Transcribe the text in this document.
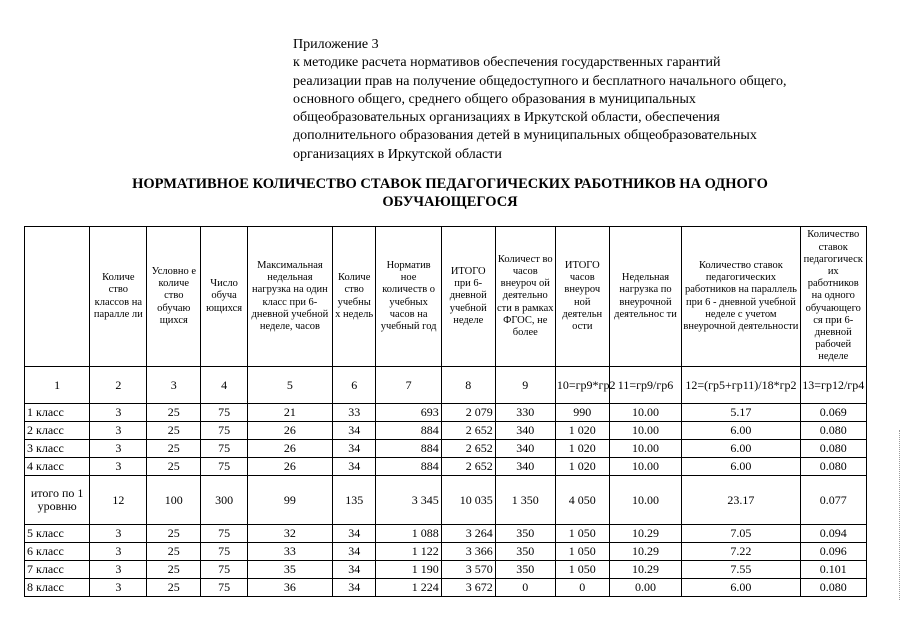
Приложение 3
к методике расчета нормативов обеспечения государственных гарантий
реализации прав на получение общедоступного и бесплатного начального общего,
основного общего, среднего общего образования в муниципальных
общеобразовательных организациях в Иркутской области, обеспечения
дополнительного образования детей в муниципальных общеобразовательных
организациях в Иркутской области
НОРМАТИВНОЕ КОЛИЧЕСТВО СТАВОК ПЕДАГОГИЧЕСКИХ РАБОТНИКОВ НА ОДНОГО
ОБУЧАЮЩЕГОСЯ
	Количе ство классов на паралле ли	Условно е количе ство обучаю щихся	Число обуча ющихся	Максимальная недельная нагрузка на один класс при 6-дневной учебной неделе, часов	Количе ство учебны х недель	Норматив ное количеств о учебных часов на учебный год	ИТОГО при 6-дневной учебной неделе	Количест во часов внеуроч ой деятельно сти в рамках ФГОС, не более	ИТОГО часов внеуроч ной деятельн ости	Недельная нагрузка по внеурочной деятельнос ти	Количество ставок педагогических работников на параллель при 6 - дневной учебной неделе с учетом внеурочной деятельности	Количество ставок педагогическ их работников на одного обучающего ся при 6-дневной рабочей неделе
1	2	3	4	5	6	7	8	9	10=гр9*гр2	11=гр9/гр6	12=(гр5+гр11)/18*гр2	13=гр12/гр4
1 класс	3	25	75	21	33	693	2 079	330	990	10.00	5.17	0.069
2 класс	3	25	75	26	34	884	2 652	340	1 020	10.00	6.00	0.080
3 класс	3	25	75	26	34	884	2 652	340	1 020	10.00	6.00	0.080
4 класс	3	25	75	26	34	884	2 652	340	1 020	10.00	6.00	0.080
итого по 1 уровню	12	100	300	99	135	3 345	10 035	1 350	4 050	10.00	23.17	0.077
5 класс	3	25	75	32	34	1 088	3 264	350	1 050	10.29	7.05	0.094
6 класс	3	25	75	33	34	1 122	3 366	350	1 050	10.29	7.22	0.096
7 класс	3	25	75	35	34	1 190	3 570	350	1 050	10.29	7.55	0.101
8 класс	3	25	75	36	34	1 224	3 672	0	0	0.00	6.00	0.080
